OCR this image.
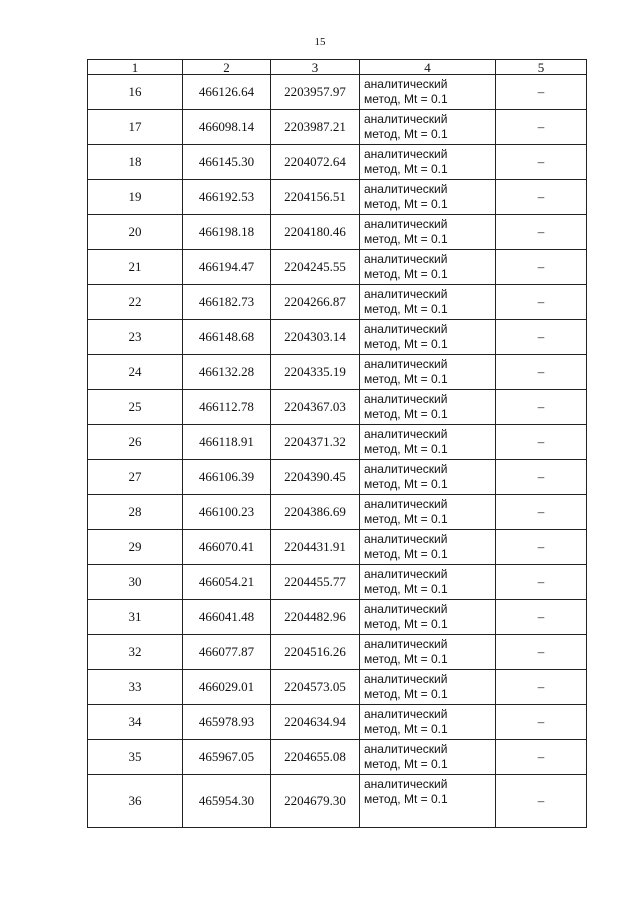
15
1	2	3	4	5
16	466126.64	2203957.97	аналитический
метод, Mt = 0.1	–
17	466098.14	2203987.21	аналитический
метод, Mt = 0.1	–
18	466145.30	2204072.64	аналитический
метод, Mt = 0.1	–
19	466192.53	2204156.51	аналитический
метод, Mt = 0.1	–
20	466198.18	2204180.46	аналитический
метод, Mt = 0.1	–
21	466194.47	2204245.55	аналитический
метод, Mt = 0.1	–
22	466182.73	2204266.87	аналитический
метод, Mt = 0.1	–
23	466148.68	2204303.14	аналитический
метод, Mt = 0.1	–
24	466132.28	2204335.19	аналитический
метод, Mt = 0.1	–
25	466112.78	2204367.03	аналитический
метод, Mt = 0.1	–
26	466118.91	2204371.32	аналитический
метод, Mt = 0.1	–
27	466106.39	2204390.45	аналитический
метод, Mt = 0.1	–
28	466100.23	2204386.69	аналитический
метод, Mt = 0.1	–
29	466070.41	2204431.91	аналитический
метод, Mt = 0.1	–
30	466054.21	2204455.77	аналитический
метод, Mt = 0.1	–
31	466041.48	2204482.96	аналитический
метод, Mt = 0.1	–
32	466077.87	2204516.26	аналитический
метод, Mt = 0.1	–
33	466029.01	2204573.05	аналитический
метод, Mt = 0.1	–
34	465978.93	2204634.94	аналитический
метод, Mt = 0.1	–
35	465967.05	2204655.08	аналитический
метод, Mt = 0.1	–
36	465954.30	2204679.30	аналитический
метод, Mt = 0.1	–
